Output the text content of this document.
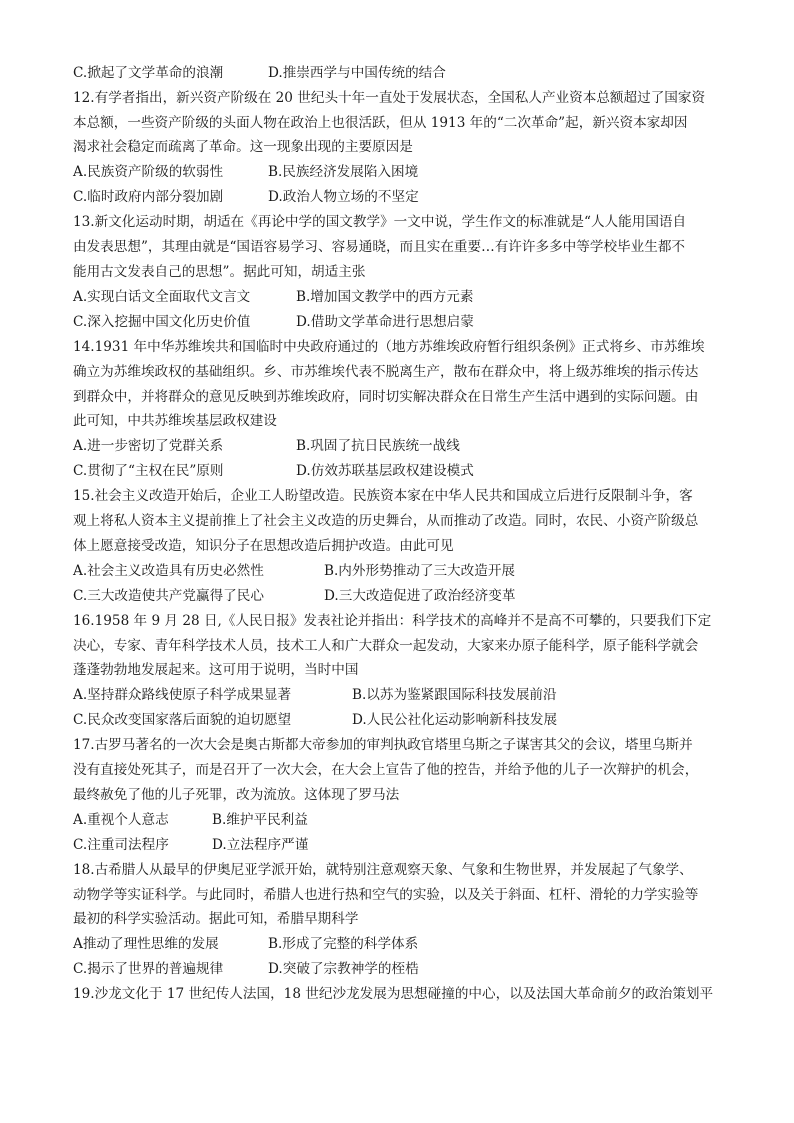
C.掀起了文学革命的浪潮	D.推崇西学与中国传统的结合
12.有学者指出，新兴资产阶级在 20 世纪头十年一直处于发展状态，全国私人产业资本总额超过了国家资
本总额，一些资产阶级的头面人物在政治上也很活跃，但从 1913 年的“二次革命”起，新兴资本家却因
渴求社会稳定而疏离了革命。这一现象出现的主要原因是
A.民族资产阶级的软弱性	B.民族经济发展陷入困境
C.临时政府内部分裂加剧	D.政治人物立场的不坚定
13.新文化运动时期，胡适在《再论中学的国文教学》一文中说，学生作文的标准就是“人人能用国语自
由发表思想”，其理由就是“国语容易学习、容易通晓，而且实在重要…有许许多多中等学校毕业生都不
能用古文发表自己的思想”。据此可知，胡适主张
A.实现白话文全面取代文言文	B.增加国文教学中的西方元素
C.深入挖掘中国文化历史价值	D.借助文学革命进行思想启蒙
14.1931 年中华苏维埃共和国临时中央政府通过的（地方苏维埃政府暂行组织条例》正式将乡、市苏维埃
确立为苏维埃政权的基础组织。乡、市苏维埃代表不脱离生产，散布在群众中，将上级苏维埃的指示传达
到群众中，并将群众的意见反映到苏维埃政府，同时切实解决群众在日常生产生活中遇到的实际问题。由
此可知，中共苏维埃基层政权建设
A.进一步密切了党群关系	B.巩固了抗日民族统一战线
C.贯彻了“主权在民”原则	D.仿效苏联基层政权建设模式
15.社会主义改造开始后，企业工人盼望改造。民族资本家在中华人民共和国成立后进行反限制斗争，客
观上将私人资本主义提前推上了社会主义改造的历史舞台，从而推动了改造。同时，农民、小资产阶级总
体上愿意接受改造，知识分子在思想改造后拥护改造。由此可见
A.社会主义改造具有历史必然性	B.内外形势推动了三大改造开展
C.三大改造使共产党赢得了民心	D.三大改造促进了政治经济变革
16.1958 年 9 月 28 日,《人民日报》发表社论并指出：科学技术的高峰并不是高不可攀的，只要我们下定
决心，专家、青年科学技术人员，技术工人和广大群众一起发动，大家来办原子能科学，原子能科学就会
蓬蓬勃勃地发展起来。这可用于说明，当时中国
A.坚持群众路线使原子科学成果显著	B.以苏为鉴紧跟国际科技发展前沿
C.民众改变国家落后面貌的迫切愿望	D.人民公社化运动影响新科技发展
17.古罗马著名的一次大会是奥古斯都大帝参加的审判执政官塔里乌斯之子谋害其父的会议，塔里乌斯并
没有直接处死其子，而是召开了一次大会，在大会上宣告了他的控告，并给予他的儿子一次辩护的机会，
最终赦免了他的儿子死罪，改为流放。这体现了罗马法
A.重视个人意志	B.维护平民利益
C.注重司法程序	D.立法程序严谨
18.古希腊人从最早的伊奥尼亚学派开始，就特别注意观察天象、气象和生物世界，并发展起了气象学、
动物学等实证科学。与此同时，希腊人也进行热和空气的实验，以及关于斜面、杠杆、滑轮的力学实验等
最初的科学实验活动。据此可知，希腊早期科学
A推动了理性思维的发展	B.形成了完整的科学体系
C.揭示了世界的普遍规律	D.突破了宗教神学的桎梏
19.沙龙文化于 17 世纪传人法国，18 世纪沙龙发展为思想碰撞的中心，以及法国大革命前夕的政治策划平
